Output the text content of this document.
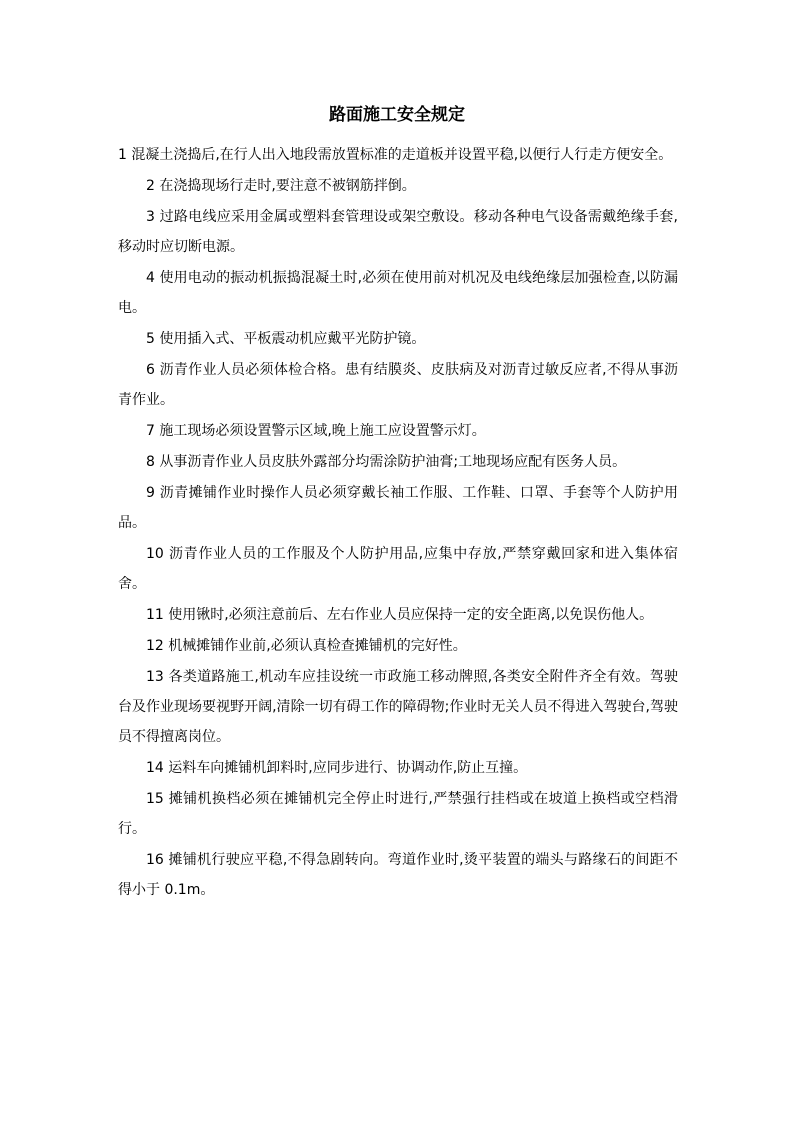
路面施工安全规定

1 混凝土浇捣后,在行人出入地段需放置标准的走道板并设置平稳,以便行人行走方便安全。

2 在浇捣现场行走时,要注意不被钢筋拌倒。

3 过路电线应采用金属或塑料套管理设或架空敷设。移动各种电气设备需戴绝缘手套,移动时应切断电源。

4 使用电动的振动机振捣混凝土时,必须在使用前对机况及电线绝缘层加强检查,以防漏电。

5 使用插入式、平板震动机应戴平光防护镜。

6 沥青作业人员必须体检合格。患有结膜炎、皮肤病及对沥青过敏反应者,不得从事沥青作业。

7 施工现场必须设置警示区域,晚上施工应设置警示灯。

8 从事沥青作业人员皮肤外露部分均需涂防护油膏;工地现场应配有医务人员。

9 沥青摊铺作业时操作人员必须穿戴长袖工作服、工作鞋、口罩、手套等个人防护用品。

10 沥青作业人员的工作服及个人防护用品,应集中存放,严禁穿戴回家和进入集体宿舍。

11 使用锹时,必须注意前后、左右作业人员应保持一定的安全距离,以免误伤他人。

12 机械摊铺作业前,必须认真检查摊铺机的完好性。

13 各类道路施工,机动车应挂设统一市政施工移动牌照,各类安全附件齐全有效。驾驶台及作业现场要视野开阔,清除一切有碍工作的障碍物;作业时无关人员不得进入驾驶台,驾驶员不得擅离岗位。

14 运料车向摊铺机卸料时,应同步进行、协调动作,防止互撞。

15 摊铺机换档必须在摊铺机完全停止时进行,严禁强行挂档或在坡道上换档或空档滑行。

16 摊铺机行驶应平稳,不得急剧转向。弯道作业时,烫平装置的端头与路缘石的间距不得小于 0.1m。
